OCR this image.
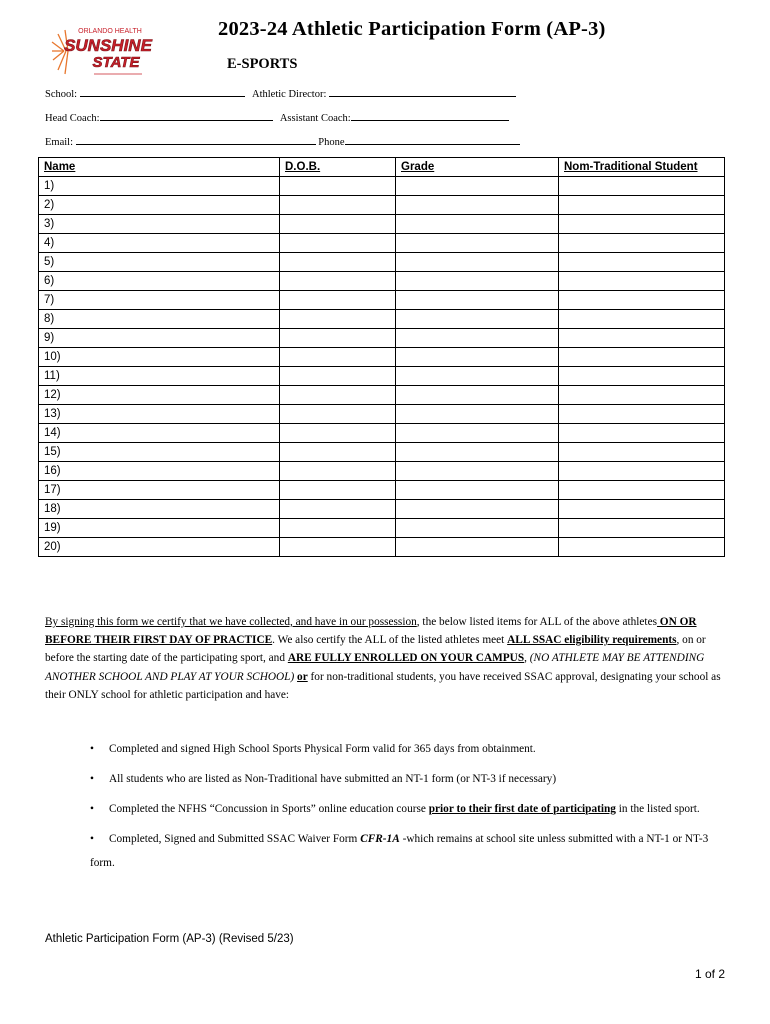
ORLANDO HEALTH
SUNSHINE
STATE
2023-24 Athletic Participation Form (AP-3)
E-SPORTS
School:	Athletic Director:
Head Coach:	Assistant Coach:
Email:	Phone
Name	D.O.B.	Grade	Nom-Traditional Student
1)			
2)			
3)			
4)			
5)			
6)			
7)			
8)			
9)			
10)			
11)			
12)			
13)			
14)			
15)			
16)			
17)			
18)			
19)			
20)			
By signing this form we certify that we have collected, and have in our possession, the below listed items for ALL of the above athletes ON OR BEFORE THEIR FIRST DAY OF PRACTICE. We also certify the ALL of the listed athletes meet ALL SSAC eligibility requirements, on or before the starting date of the participating sport, and ARE FULLY ENROLLED ON YOUR CAMPUS, (NO ATHLETE MAY BE ATTENDING ANOTHER SCHOOL AND PLAY AT YOUR SCHOOL) or for non-traditional students, you have received SSAC approval, designating your school as their ONLY school for athletic participation and have:
• Completed and signed High School Sports Physical Form valid for 365 days from obtainment.
• All students who are listed as Non-Traditional have submitted an NT-1 form (or NT-3 if necessary)
• Completed the NFHS “Concussion in Sports” online education course prior to their first date of participating in the listed sport.
• Completed, Signed and Submitted SSAC Waiver Form CFR-1A -which remains at school site unless submitted with a NT-1 or NT-3 form.
Athletic Participation Form (AP-3) (Revised 5/23)
1 of 2
